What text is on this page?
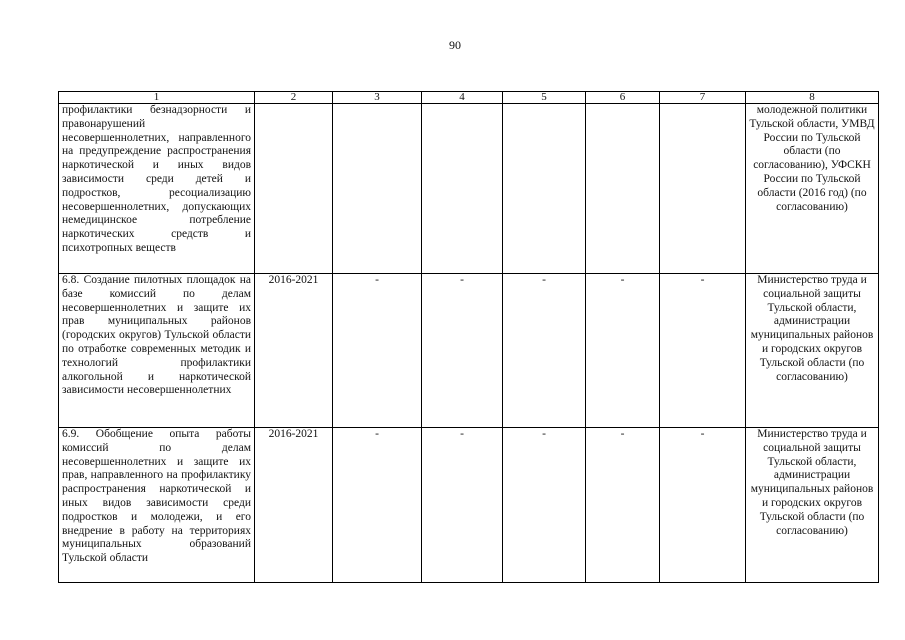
90
1	2	3	4	5	6	7	8
профилактики безнадзорности и правонарушений несовершеннолетних, направленного на предупреждение распространения наркотической и иных видов зависимости среди детей и подростков, ресоциализацию несовершеннолетних, допускающих немедицинское потребление наркотических средств и психотропных веществ							молодежной политики Тульской области, УМВД России по Тульской области (по согласованию), УФСКН России по Тульской области (2016 год) (по согласованию)
6.8. Создание пилотных площадок на базе комиссий по делам несовершеннолетних и защите их прав муниципальных районов (городских округов) Тульской области по отработке современных методик и технологий профилактики алкогольной и наркотической зависимости несовершеннолетних	2016-2021	-	-	-	-	-	Министерство труда и социальной защиты Тульской области, администрации муниципальных районов и городских округов Тульской области (по согласованию)
6.9. Обобщение опыта работы комиссий по делам несовершеннолетних и защите их прав, направленного на профилактику распространения наркотической и иных видов зависимости среди подростков и молодежи, и его внедрение в работу на территориях муниципальных образований Тульской области	2016-2021	-	-	-	-	-	Министерство труда и социальной защиты Тульской области, администрации муниципальных районов и городских округов Тульской области (по согласованию)
